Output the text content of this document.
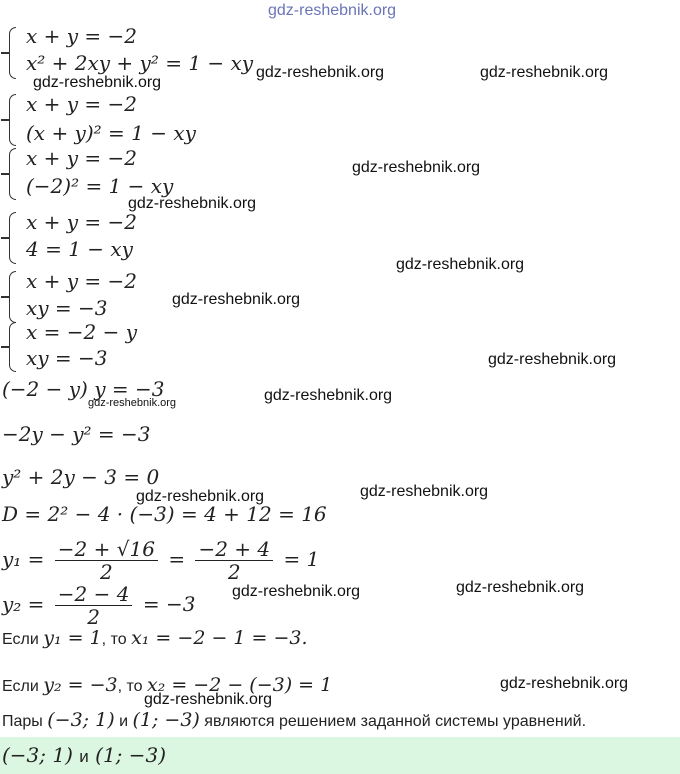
gdz-reshebnik.org
gdz-reshebnik.org
gdz-reshebnik.org	gdz-reshebnik.org
gdz-reshebnik.org
gdz-reshebnik.org
gdz-reshebnik.org
gdz-reshebnik.org
gdz-reshebnik.org
gdz-reshebnik.org
gdz-reshebnik.org
gdz-reshebnik.org	gdz-reshebnik.org
gdz-reshebnik.org
gdz-reshebnik.org
gdz-reshebnik.org
gdz-reshebnik.org
x + y = −2
x² + 2xy + y² = 1 − xy
x + y = −2
(x + y)² = 1 − xy
x + y = −2
(−2)² = 1 − xy
x + y = −2
4 = 1 − xy
x + y = −2
xy = −3
x = −2 − y
xy = −3
(−2 − y) y = −3
−2y − y² = −3
y² + 2y − 3 = 0
D = 2² − 4 · (−3) = 4 + 12 = 16
$y_1 = \frac{-2 + √16}{2} = \frac{-2 + 4}{2} = 1$
$y_2 = \frac{-2 - 4}{2} = -3$
Если y₁ = 1, то x₁ = −2 − 1 = −3.
Если y₂ = −3, то x₂ = −2 − (−3) = 1
Пары (−3; 1) и (1; −3) являются решением заданной системы уравнений.
(−3; 1) и (1; −3)
